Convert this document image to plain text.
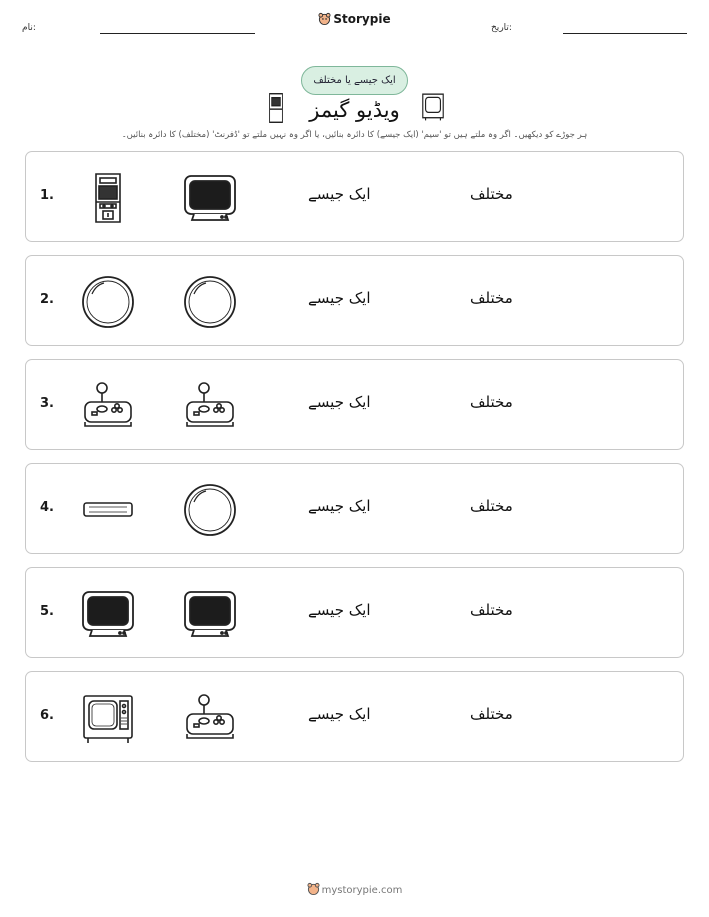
نام:
Storypie
تاریخ:
ایک جیسے یا مختلف
ویڈیو گیمز
ہر جوڑے کو دیکھیں۔ اگر وہ ملتے ہیں تو 'سیم' (ایک جیسے) کا دائرہ بنائیں، یا اگر وہ نہیں ملتے تو 'ڈفرنٹ' (مختلف) کا دائرہ بنائیں۔
1.	ایک جیسے	مختلف
2.	ایک جیسے	مختلف
3.	ایک جیسے	مختلف
4.	ایک جیسے	مختلف
5.	ایک جیسے	مختلف
6.	ایک جیسے	مختلف
mystorypie.com
